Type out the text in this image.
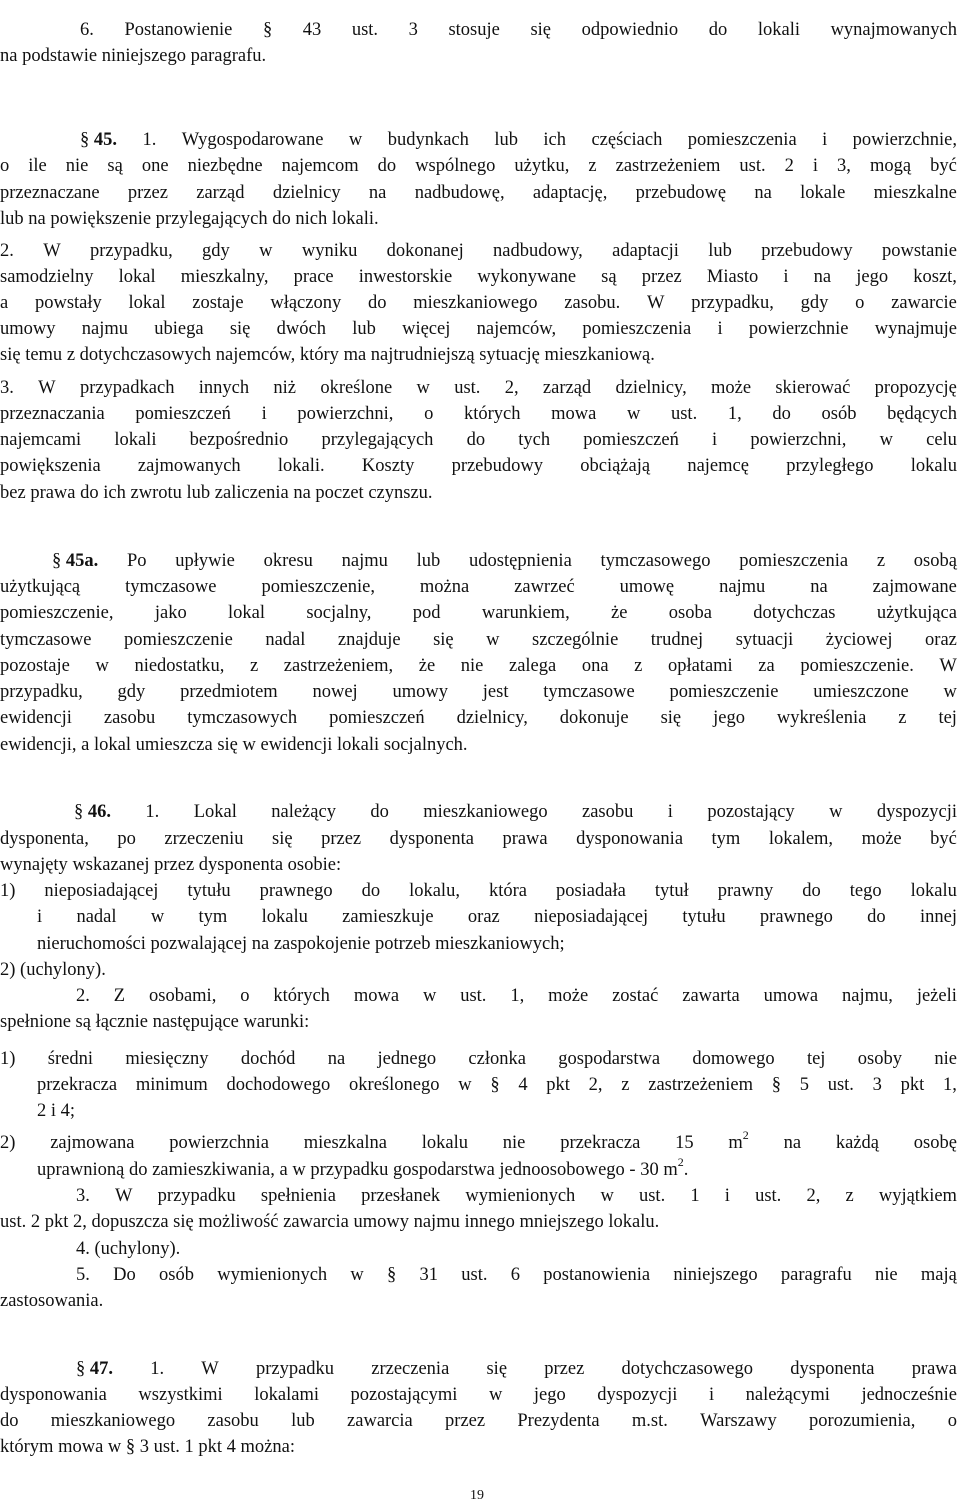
6. Postanowienie § 43 ust. 3 stosuje się odpowiednio do lokali wynajmowanych
na podstawie niniejszego paragrafu.
§ 45. 1. Wygospodarowane w budynkach lub ich częściach pomieszczenia i powierzchnie,
o ile nie są one niezbędne najemcom do wspólnego użytku, z zastrzeżeniem ust. 2 i 3, mogą być
przeznaczane przez zarząd dzielnicy na nadbudowę, adaptację, przebudowę na lokale mieszkalne
lub na powiększenie przylegających do nich lokali.
2. W przypadku, gdy w wyniku dokonanej nadbudowy, adaptacji lub przebudowy powstanie
samodzielny lokal mieszkalny, prace inwestorskie wykonywane są przez Miasto i na jego koszt,
a powstały lokal zostaje włączony do mieszkaniowego zasobu. W przypadku, gdy o zawarcie
umowy najmu ubiega się dwóch lub więcej najemców, pomieszczenia i powierzchnie wynajmuje
się temu z dotychczasowych najemców, który ma najtrudniejszą sytuację mieszkaniową.
3. W przypadkach innych niż określone w ust. 2, zarząd dzielnicy, może skierować propozycję
przeznaczania pomieszczeń i powierzchni, o których mowa w ust. 1, do osób będących
najemcami lokali bezpośrednio przylegających do tych pomieszczeń i powierzchni, w celu
powiększenia zajmowanych lokali. Koszty przebudowy obciążają najemcę przyległego lokalu
bez prawa do ich zwrotu lub zaliczenia na poczet czynszu.
§ 45a. Po upływie okresu najmu lub udostępnienia tymczasowego pomieszczenia z osobą
użytkującą tymczasowe pomieszczenie, można zawrzeć umowę najmu na zajmowane
pomieszczenie, jako lokal socjalny, pod warunkiem, że osoba dotychczas użytkująca
tymczasowe pomieszczenie nadal znajduje się w szczególnie trudnej sytuacji życiowej oraz
pozostaje w niedostatku, z zastrzeżeniem, że nie zalega ona z opłatami za pomieszczenie. W
przypadku, gdy przedmiotem nowej umowy jest tymczasowe pomieszczenie umieszczone w
ewidencji zasobu tymczasowych pomieszczeń dzielnicy, dokonuje się jego wykreślenia z tej
ewidencji, a lokal umieszcza się w ewidencji lokali socjalnych.
§ 46. 1. Lokal należący do mieszkaniowego zasobu i pozostający w dyspozycji
dysponenta, po zrzeczeniu się przez dysponenta prawa dysponowania tym lokalem, może być
wynajęty wskazanej przez dysponenta osobie:
1) nieposiadającej tytułu prawnego do lokalu, która posiadała tytuł prawny do tego lokalu
i nadal w tym lokalu zamieszkuje oraz nieposiadającej tytułu prawnego do innej
nieruchomości pozwalającej na zaspokojenie potrzeb mieszkaniowych;
2) (uchylony).
2. Z osobami, o których mowa w ust. 1, może zostać zawarta umowa najmu, jeżeli
spełnione są łącznie następujące warunki:
1) średni miesięczny dochód na jednego członka gospodarstwa domowego tej osoby nie
przekracza minimum dochodowego określonego w § 4 pkt 2, z zastrzeżeniem § 5 ust. 3 pkt 1,
2 i 4;
2) zajmowana powierzchnia mieszkalna lokalu nie przekracza 15 $m^2$ na każdą osobę
uprawnioną do zamieszkiwania, a w przypadku gospodarstwa jednoosobowego - 30 $m^2$.
3. W przypadku spełnienia przesłanek wymienionych w ust. 1 i ust. 2, z wyjątkiem
ust. 2 pkt 2, dopuszcza się możliwość zawarcia umowy najmu innego mniejszego lokalu.
4. (uchylony).
5. Do osób wymienionych w § 31 ust. 6 postanowienia niniejszego paragrafu nie mają
zastosowania.
§ 47. 1. W przypadku zrzeczenia się przez dotychczasowego dysponenta prawa
dysponowania wszystkimi lokalami pozostającymi w jego dyspozycji i należącymi jednocześnie
do mieszkaniowego zasobu lub zawarcia przez Prezydenta m.st. Warszawy porozumienia, o
którym mowa w § 3 ust. 1 pkt 4 można:
19
